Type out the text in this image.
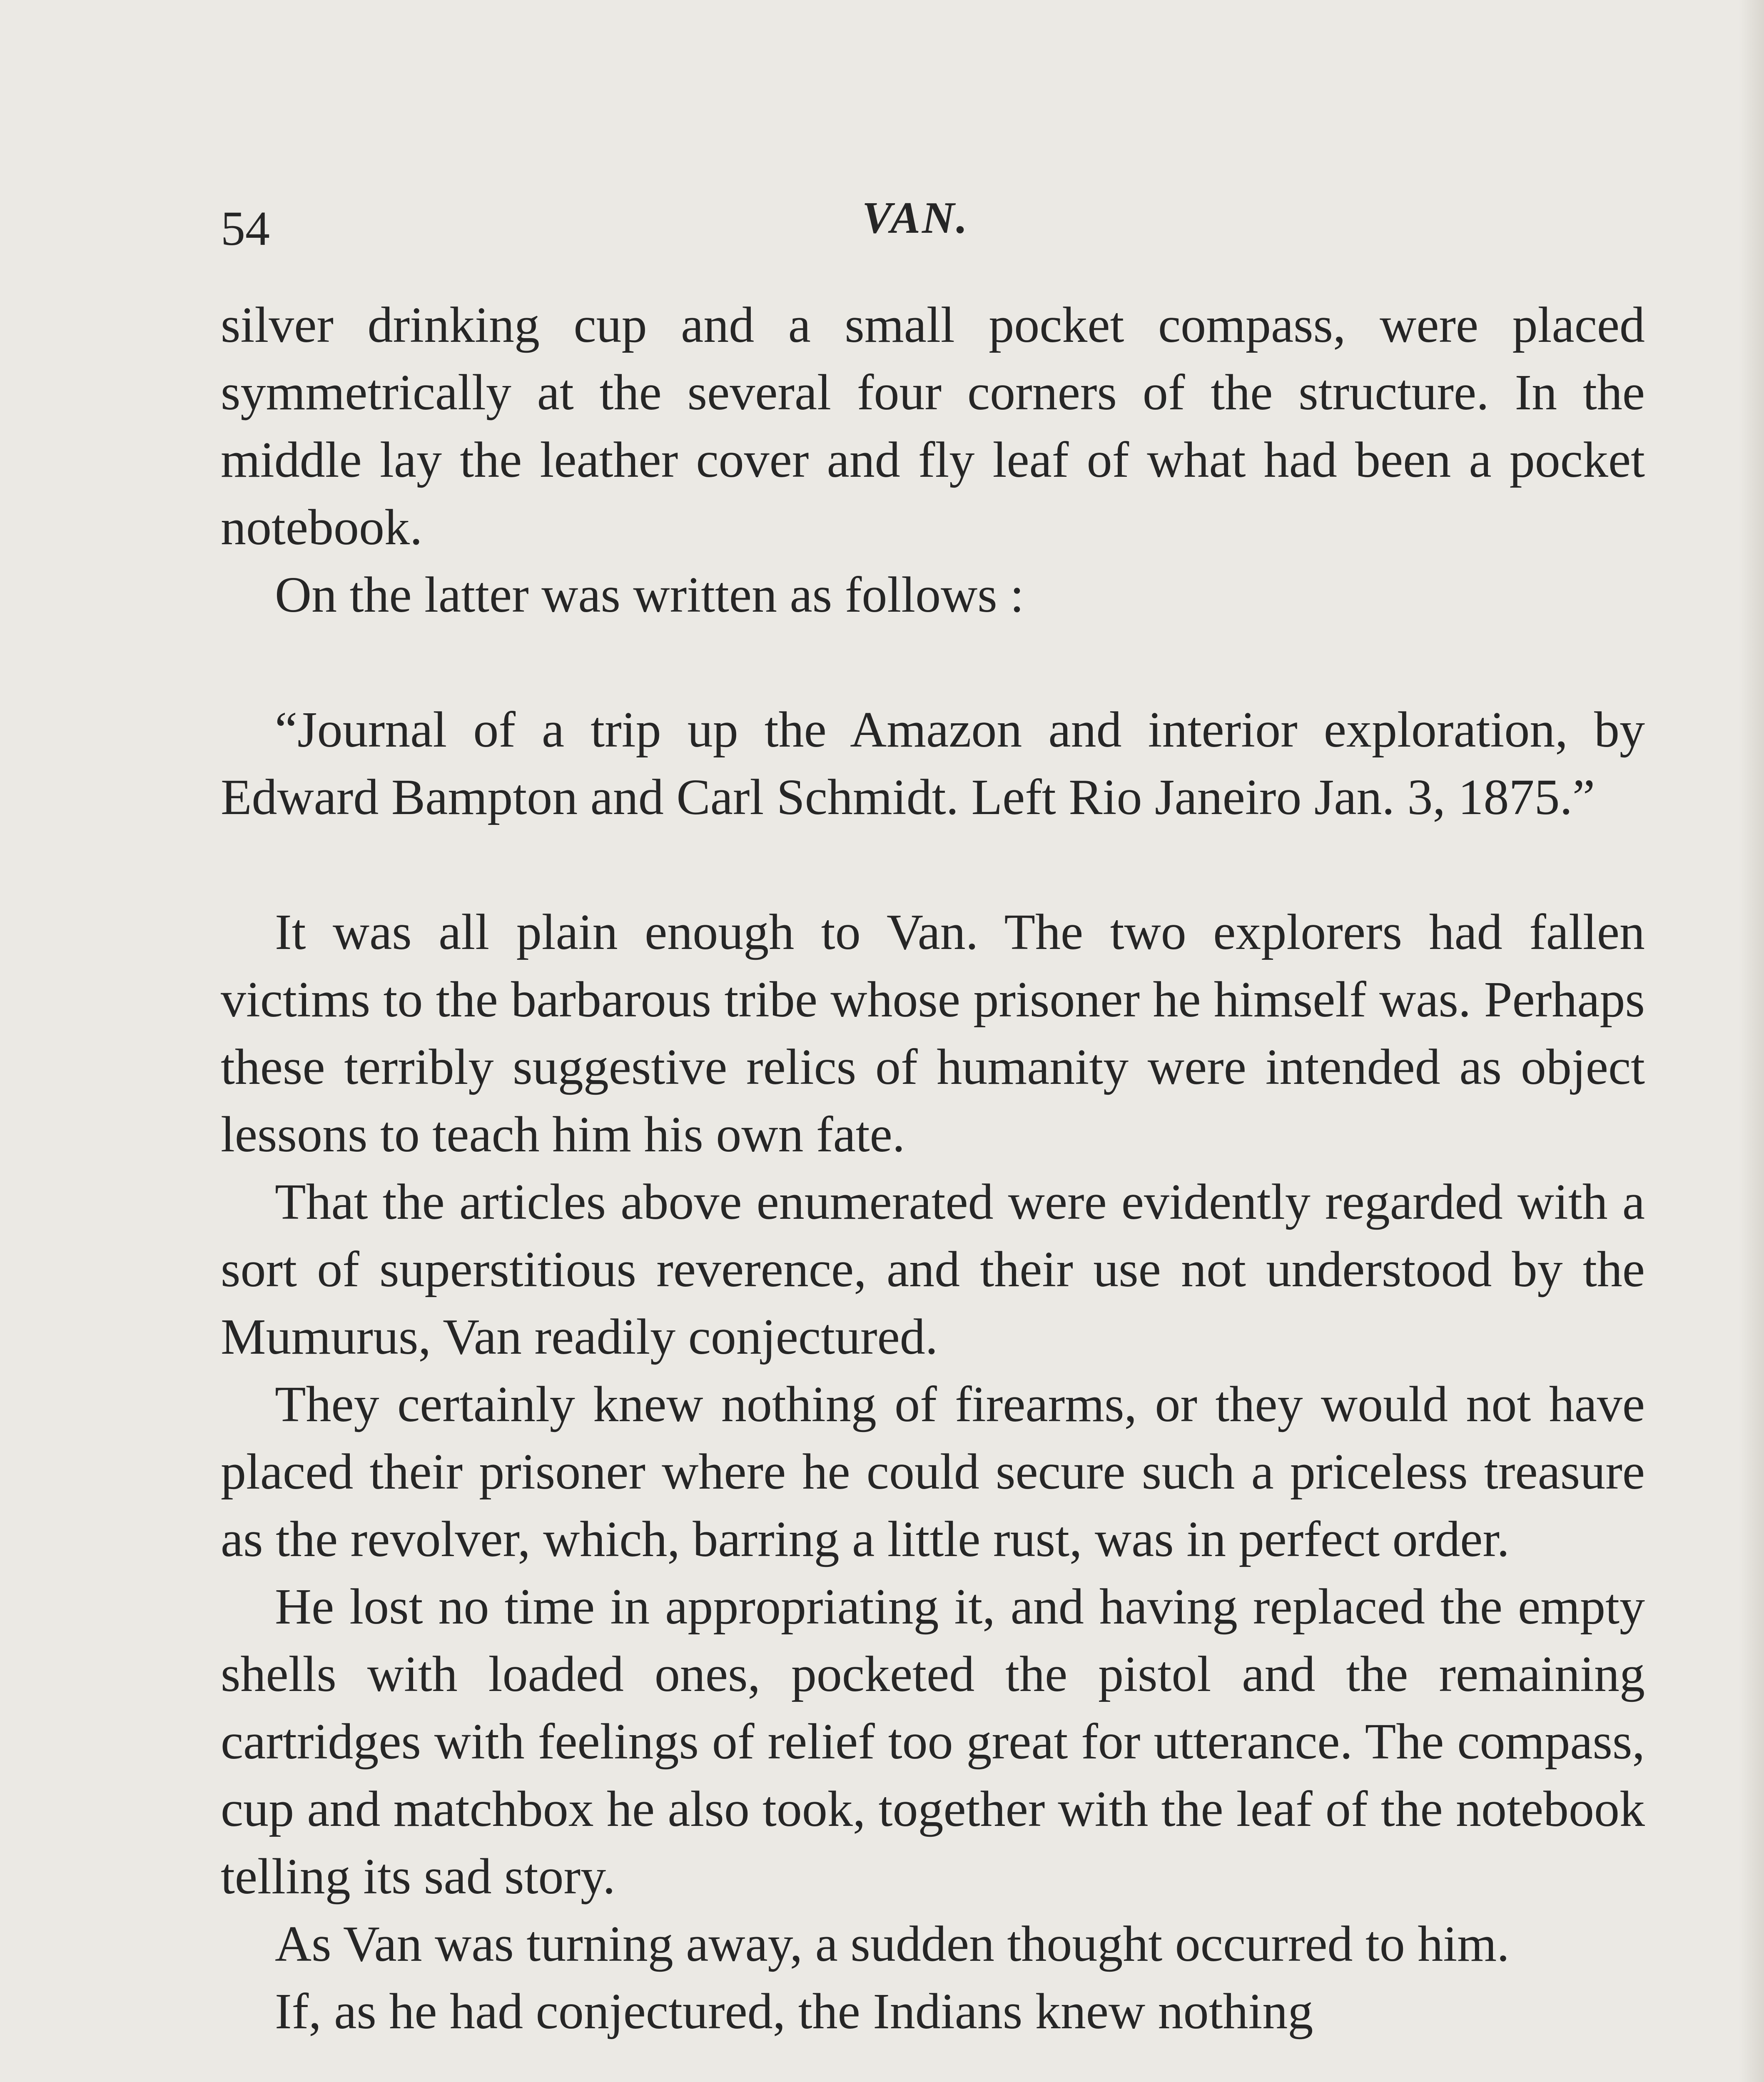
54	VAN.

silver drinking cup and a small pocket compass, were placed symmetrically at the several four corners of the structure. In the middle lay the leather cover and fly leaf of what had been a pocket notebook.

On the latter was written as follows :

“Journal of a trip up the Amazon and interior exploration, by Edward Bampton and Carl Schmidt. Left Rio Janeiro Jan. 3, 1875.”

It was all plain enough to Van. The two explorers had fallen victims to the barbarous tribe whose prisoner he himself was. Perhaps these terribly suggestive relics of humanity were intended as object lessons to teach him his own fate.

That the articles above enumerated were evidently regarded with a sort of superstitious reverence, and their use not understood by the Mumurus, Van readily conjectured.

They certainly knew nothing of firearms, or they would not have placed their prisoner where he could secure such a priceless treasure as the revolver, which, barring a little rust, was in perfect order.

He lost no time in appropriating it, and having replaced the empty shells with loaded ones, pocketed the pistol and the remaining cartridges with feelings of relief too great for utterance. The compass, cup and matchbox he also took, together with the leaf of the notebook telling its sad story.

As Van was turning away, a sudden thought occurred to him.

If, as he had conjectured, the Indians knew nothing
